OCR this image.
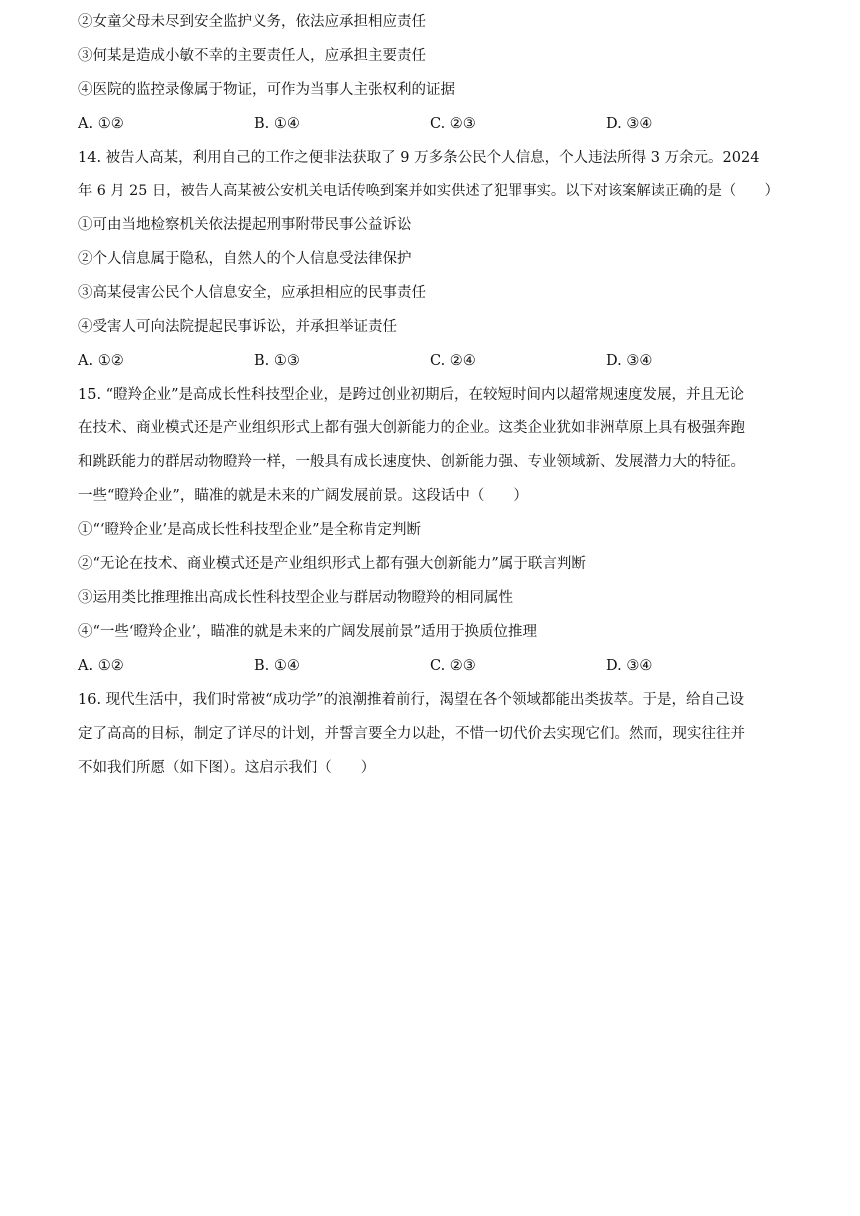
②女童父母未尽到安全监护义务，依法应承担相应责任
③何某是造成小敏不幸的主要责任人，应承担主要责任
④医院的监控录像属于物证，可作为当事人主张权利的证据
A. ①②	B. ①④	C. ②③	D. ③④
14. 被告人高某，利用自己的工作之便非法获取了 9 万多条公民个人信息，个人违法所得 3 万余元。2024
年 6 月 25 日，被告人高某被公安机关电话传唤到案并如实供述了犯罪事实。以下对该案解读正确的是（　　）
①可由当地检察机关依法提起刑事附带民事公益诉讼
②个人信息属于隐私，自然人的个人信息受法律保护
③高某侵害公民个人信息安全，应承担相应的民事责任
④受害人可向法院提起民事诉讼，并承担举证责任
A. ①②	B. ①③	C. ②④	D. ③④
15. “瞪羚企业”是高成长性科技型企业，是跨过创业初期后，在较短时间内以超常规速度发展，并且无论
在技术、商业模式还是产业组织形式上都有强大创新能力的企业。这类企业犹如非洲草原上具有极强奔跑
和跳跃能力的群居动物瞪羚一样，一般具有成长速度快、创新能力强、专业领域新、发展潜力大的特征。
一些“瞪羚企业”，瞄准的就是未来的广阔发展前景。这段话中（　　）
①“‘瞪羚企业’是高成长性科技型企业”是全称肯定判断
②“无论在技术、商业模式还是产业组织形式上都有强大创新能力”属于联言判断
③运用类比推理推出高成长性科技型企业与群居动物瞪羚的相同属性
④“一些‘瞪羚企业’，瞄准的就是未来的广阔发展前景”适用于换质位推理
A. ①②	B. ①④	C. ②③	D. ③④
16. 现代生活中，我们时常被“成功学”的浪潮推着前行，渴望在各个领域都能出类拔萃。于是，给自己设
定了高高的目标，制定了详尽的计划，并誓言要全力以赴，不惜一切代价去实现它们。然而，现实往往并
不如我们所愿（如下图）。这启示我们（　　）
